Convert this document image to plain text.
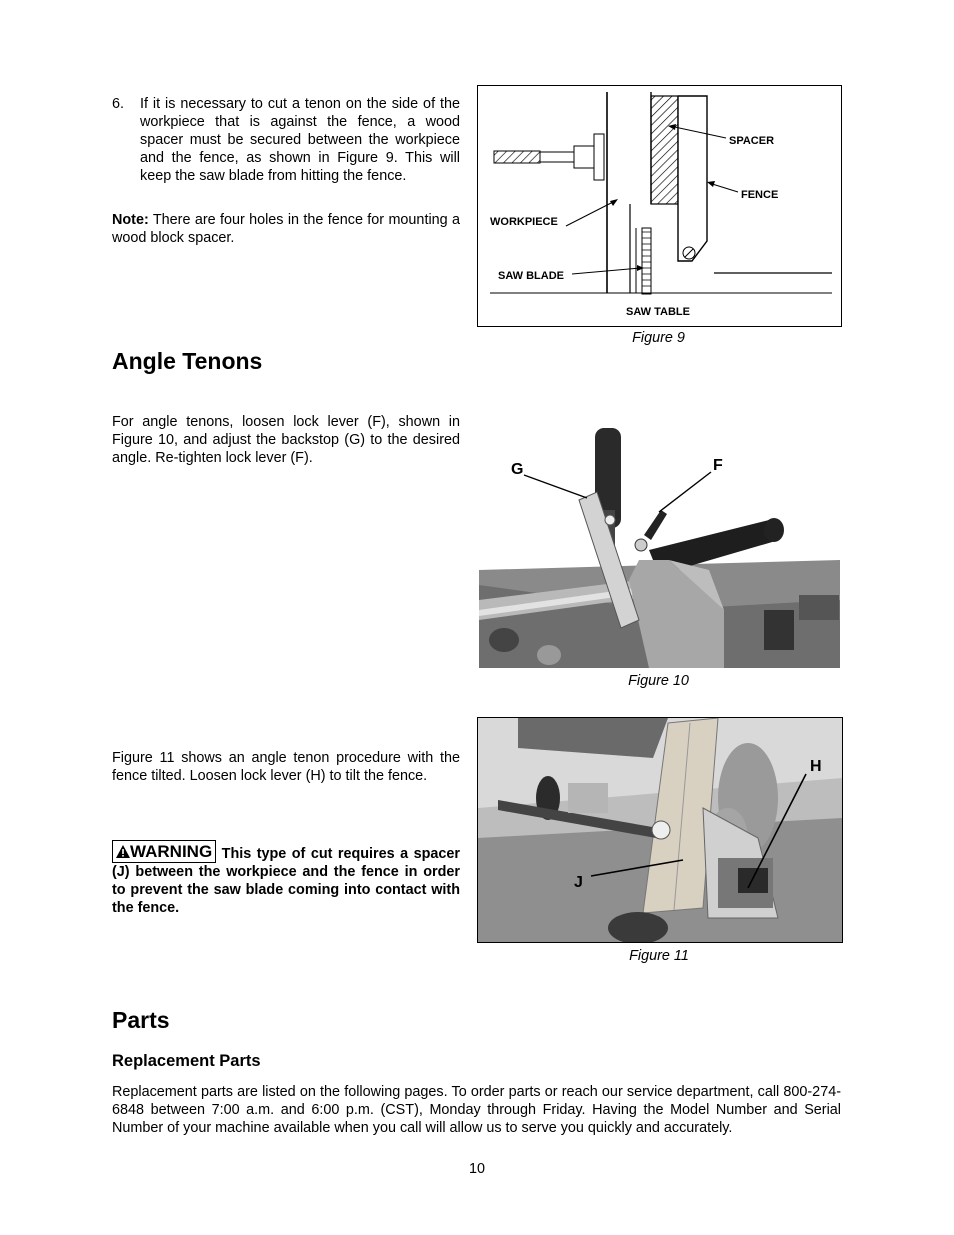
6. If it is necessary to cut a tenon on the side of the workpiece that is against the fence, a wood spacer must be secured between the workpiece and the fence, as shown in Figure 9. This will keep the saw blade from hitting the fence.
Note: There are four holes in the fence for mounting a wood block spacer.
SPACER
FENCE
WORKPIECE
SAW BLADE
SAW TABLE
Figure 9
Angle Tenons
For angle tenons, loosen lock lever (F), shown in Figure 10, and adjust the backstop (G) to the desired angle. Re-tighten lock lever (F).
G	F
Figure 10
Figure 11 shows an angle tenon procedure with the fence tilted. Loosen lock lever (H) to tilt the fence.
WARNING This type of cut requires a spacer (J) between the workpiece and the fence in order to prevent the saw blade coming into contact with the fence.
H
J
Figure 11
Parts
Replacement Parts
Replacement parts are listed on the following pages. To order parts or reach our service department, call 800-274-6848 between 7:00 a.m. and 6:00 p.m. (CST), Monday through Friday. Having the Model Number and Serial Number of your machine available when you call will allow us to serve you quickly and accurately.
10
